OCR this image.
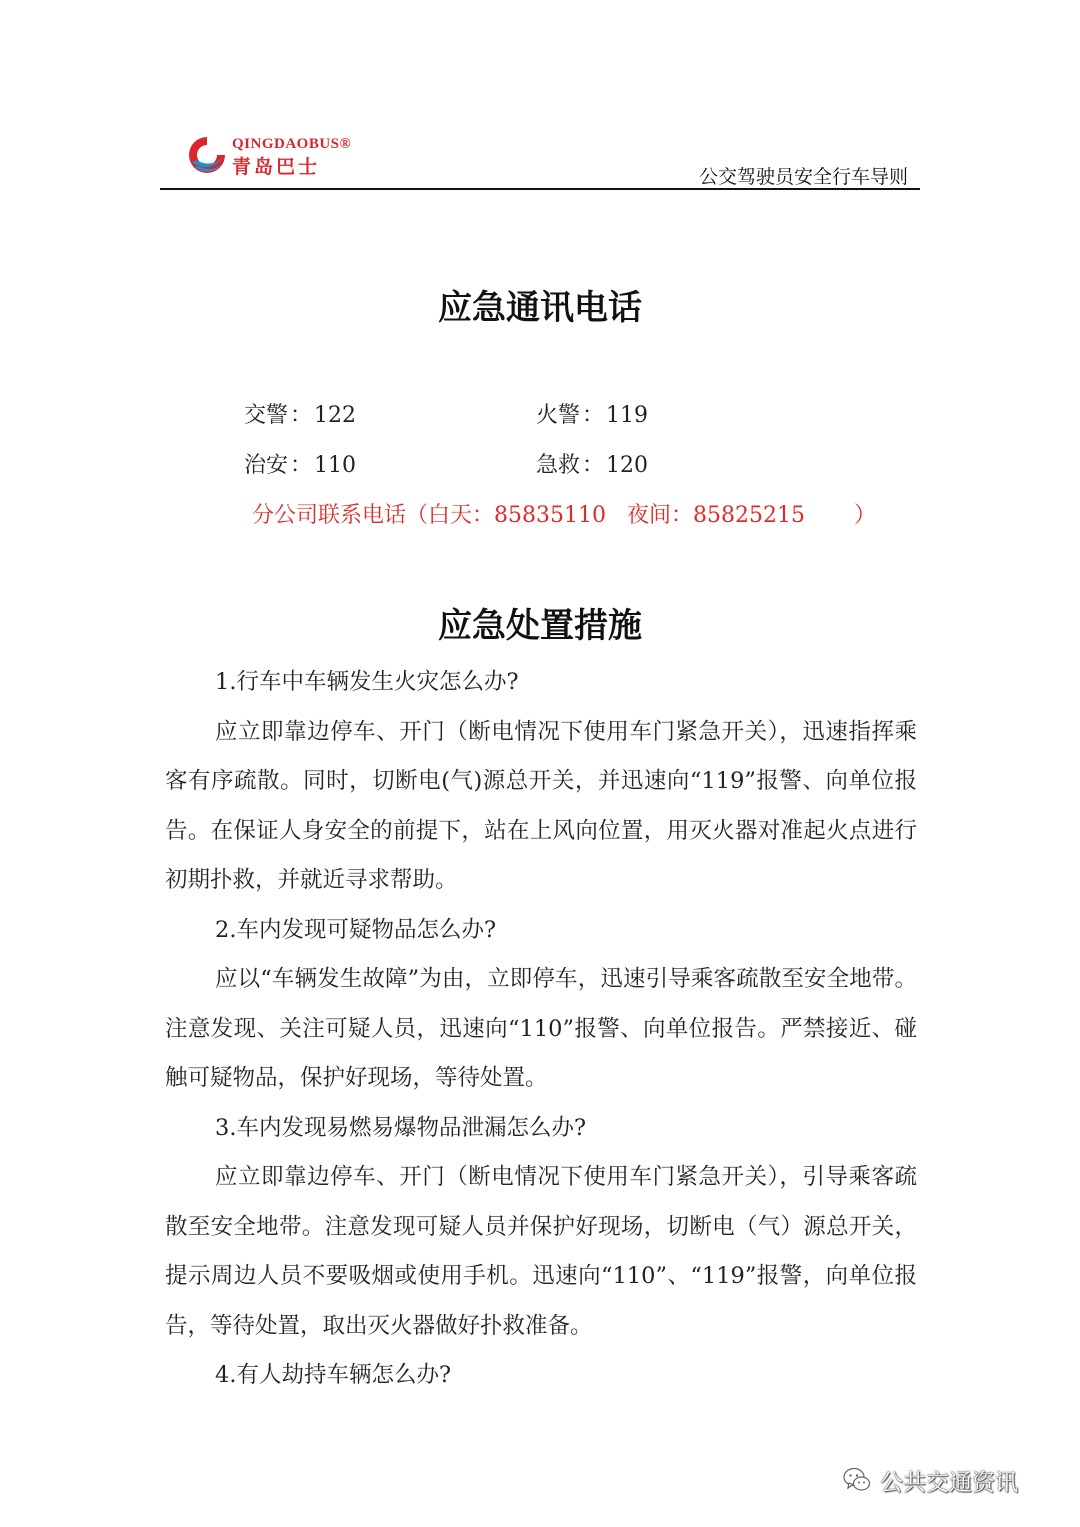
QINGDAOBUS®
青岛巴士	公交驾驶员安全行车导则
应急通讯电话
交警：122	火警：119
治安：110	急救：120
分公司联系电话（白天：85835110 夜间：85825215 ）
应急处置措施

1.行车中车辆发生火灾怎么办?

应立即靠边停车、开门（断电情况下使用车门紧急开关），迅速指挥乘客有序疏散。同时，切断电(气)源总开关，并迅速向“119”报警、向单位报告。在保证人身安全的前提下，站在上风向位置，用灭火器对准起火点进行初期扑救，并就近寻求帮助。

2.车内发现可疑物品怎么办?

应以“车辆发生故障”为由，立即停车，迅速引导乘客疏散至安全地带。注意发现、关注可疑人员，迅速向“110”报警、向单位报告。严禁接近、碰触可疑物品，保护好现场，等待处置。

3.车内发现易燃易爆物品泄漏怎么办?

应立即靠边停车、开门（断电情况下使用车门紧急开关），引导乘客疏散至安全地带。注意发现可疑人员并保护好现场，切断电（气）源总开关，提示周边人员不要吸烟或使用手机。迅速向“110”、“119”报警，向单位报告，等待处置，取出灭火器做好扑救准备。

4.有人劫持车辆怎么办?

公共交通资讯
